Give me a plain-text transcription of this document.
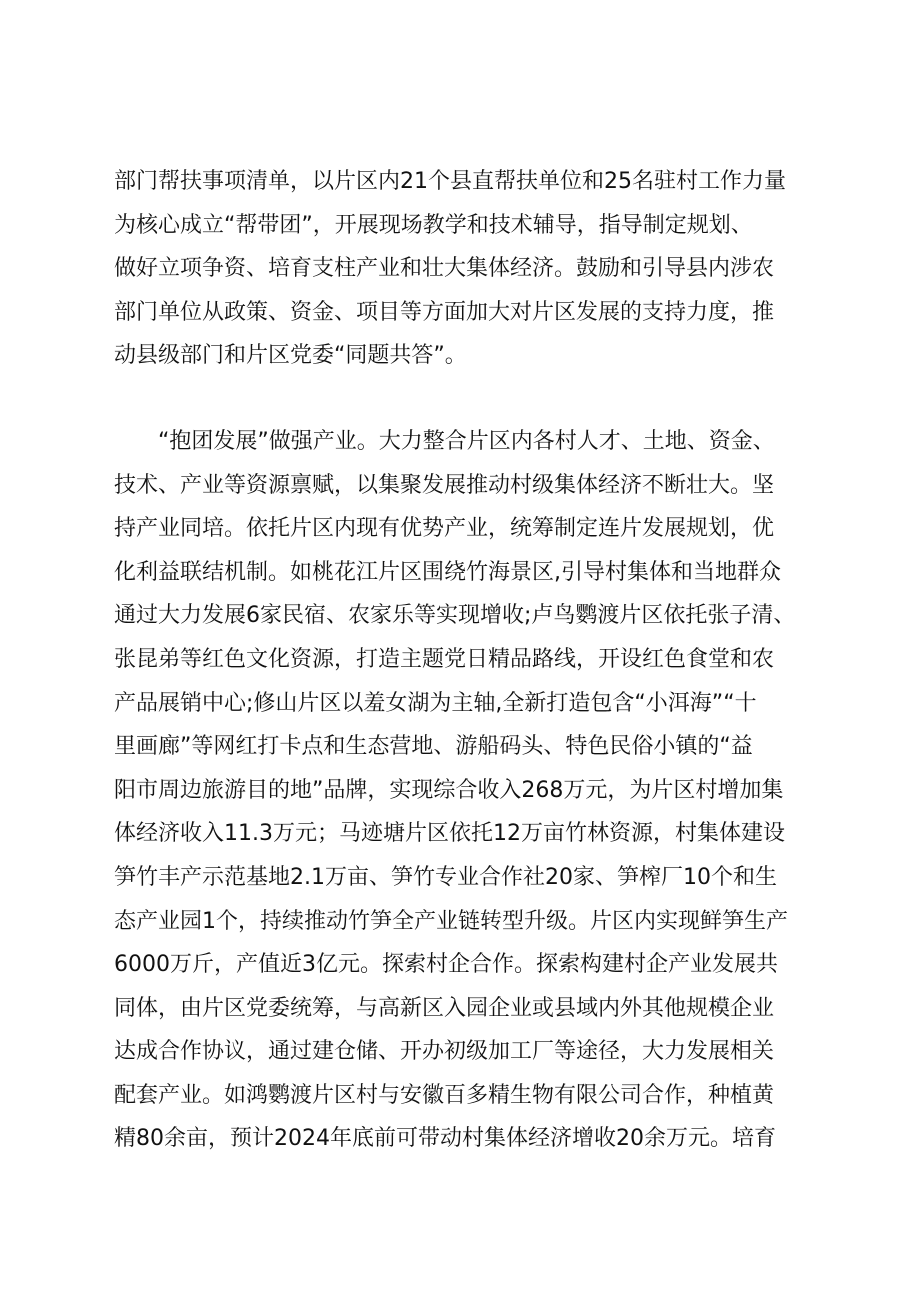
部门帮扶事项清单，以片区内21个县直帮扶单位和25名驻村工作力量
为核心成立“帮带团”，开展现场教学和技术辅导，指导制定规划、
做好立项争资、培育支柱产业和壮大集体经济。鼓励和引导县内涉农
部门单位从政策、资金、项目等方面加大对片区发展的支持力度，推
动县级部门和片区党委“同题共答”。
　　“抱团发展”做强产业。大力整合片区内各村人才、土地、资金、
技术、产业等资源禀赋，以集聚发展推动村级集体经济不断壮大。坚
持产业同培。依托片区内现有优势产业，统筹制定连片发展规划，优
化利益联结机制。如桃花江片区围绕竹海景区,引导村集体和当地群众
通过大力发展6家民宿、农家乐等实现增收;卢鸟鹦渡片区依托张子清、
张昆弟等红色文化资源，打造主题党日精品路线，开设红色食堂和农
产品展销中心;修山片区以羞女湖为主轴,全新打造包含“小洱海”“十
里画廊”等网红打卡点和生态营地、游船码头、特色民俗小镇的“益
阳市周边旅游目的地”品牌，实现综合收入268万元，为片区村增加集
体经济收入11.3万元；马迹塘片区依托12万亩竹林资源，村集体建设
笋竹丰产示范基地2.1万亩、笋竹专业合作社20家、笋榨厂10个和生
态产业园1个，持续推动竹笋全产业链转型升级。片区内实现鲜笋生产
6000万斤，产值近3亿元。探索村企合作。探索构建村企产业发展共
同体，由片区党委统筹，与高新区入园企业或县域内外其他规模企业
达成合作协议，通过建仓储、开办初级加工厂等途径，大力发展相关
配套产业。如鸿鹦渡片区村与安徽百多精生物有限公司合作，种植黄
精80余亩，预计2024年底前可带动村集体经济增收20余万元。培育
